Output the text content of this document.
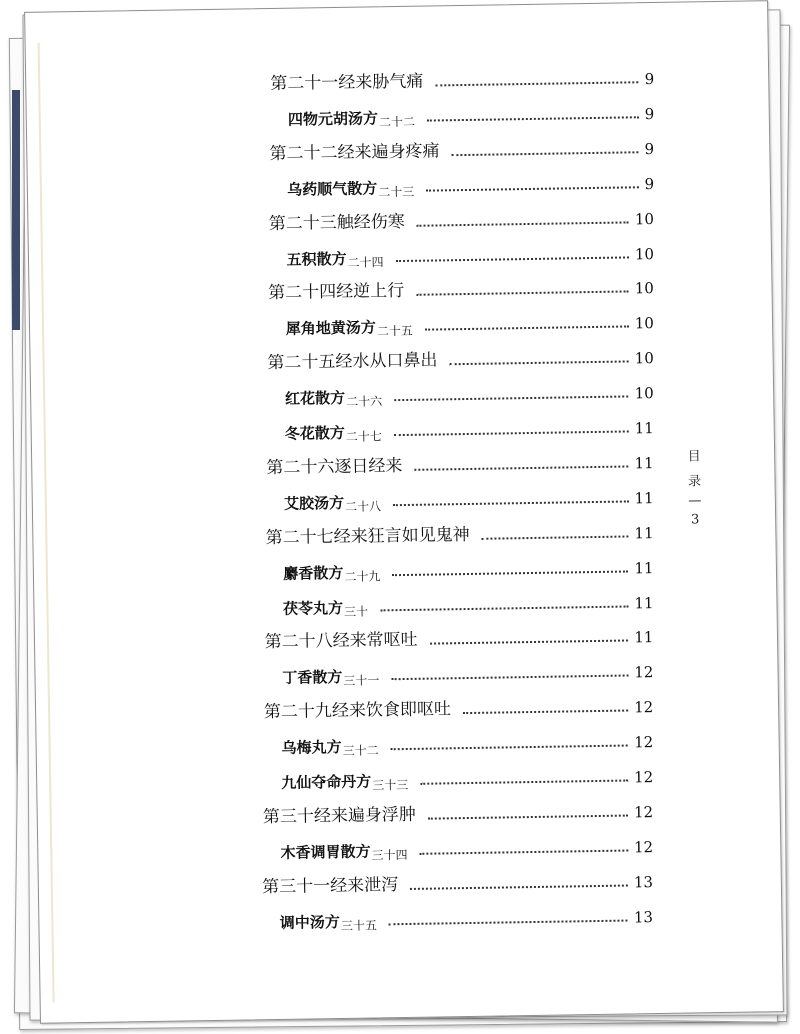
第二十一经来胁气痛	9
四物元胡汤方$_{二十二}$	9
第二十二经来遍身疼痛	9
乌药顺气散方$_{二十三}$	9
第二十三触经伤寒	10
五积散方$_{二十四}$	10
第二十四经逆上行	10
犀角地黄汤方$_{二十五}$	10
第二十五经水从口鼻出	10
红花散方$_{二十六}$	10
冬花散方$_{二十七}$	11
第二十六逐日经来	11
艾胶汤方$_{二十八}$	11
第二十七经来狂言如见鬼神	11
麝香散方$_{二十九}$	11
茯苓丸方$_{三十}$	11
第二十八经来常呕吐	11
丁香散方$_{三十一}$	12
第二十九经来饮食即呕吐	12
乌梅丸方$_{三十二}$	12
九仙夺命丹方$_{三十三}$	12
第三十经来遍身浮肿	12
木香调胃散方$_{三十四}$	12
第三十一经来泄泻	13
调中汤方$_{三十五}$	13
目
录
3
